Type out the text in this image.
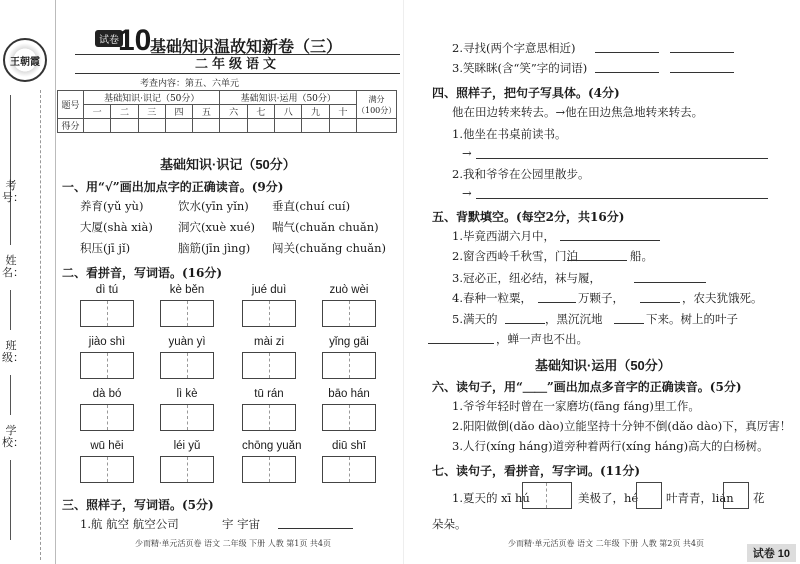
王朝霞
考号：
姓名：
班级：
学校：
试卷 10
基础知识温故知新卷（三）
二年级语文
考查内容：第五、六单元
题号	基础知识·识记（50分）					基础知识·运用（50分）					满分（100分）
	一	二	三	四	五	六	七	八	九	十	
得分											
基础知识·识记（50分）
一、用“√”画出加点字的正确读音。(9分)
养育(yǔ yù)	饮水(yīn yǐn) 垂直(chuí cuí)
大厦(shà xià) 洞穴(xuè xué) 喘气(chuǎn chuǎn)
积压(jī jǐ)	脑筋(jīn jìng) 闯关(chuǎng chuǎn)
二、看拼音，写词语。(16分)
dì tú	kè běn	jué duì	zuò wèi
jiào shì	yuàn yì	mài zi	yǐng gāi
dà bó	lì kè	tū rán	bāo hán
wū hēi	léi yǔ	chōng yuǎn	diū shī
三、照样子，写词语。(5分)
1.航 航空 航空公司	宇 宇宙
少而精·单元活页卷 语文 二年级 下册 人教 第1页 共4页
2.寻找(两个字意思相近)
3.笑眯眯(含“笑”字的词语)
四、照样子，把句子写具体。(4分)
他在田边转来转去。→他在田边焦急地转来转去。
1.他坐在书桌前读书。
→
2.我和爷爷在公园里散步。
→
五、背默填空。(每空2分，共16分)
1.毕竟西湖六月中，
2.窗含西岭千秋雪，门泊	船。
3.冠必正，纽必结，袜与履，
4.春种一粒粟，	万颗子，	，农夫犹饿死。
5.满天的	，黑沉沉地	下来。树上的叶子
，蝉一声也不出。
基础知识·运用（50分）
六、读句子，用“＿＿”画出加点多音字的正确读音。(5分)
1.爷爷年轻时曾在一家磨坊(fāng fáng)里工作。
2.阳阳做倒(dǎo dào)立能坚持十分钟不倒(dǎo dào)下，真厉害！
3.人行(xíng háng)道旁种着两行(xíng háng)高大的白杨树。
七、读句子，看拼音，写字词。(11分)
1.夏天的 xī hú	美极了，hé 叶青青，lián 花
朵朵。
少而精·单元活页卷 语文 二年级 下册 人教 第2页 共4页
试卷 10
